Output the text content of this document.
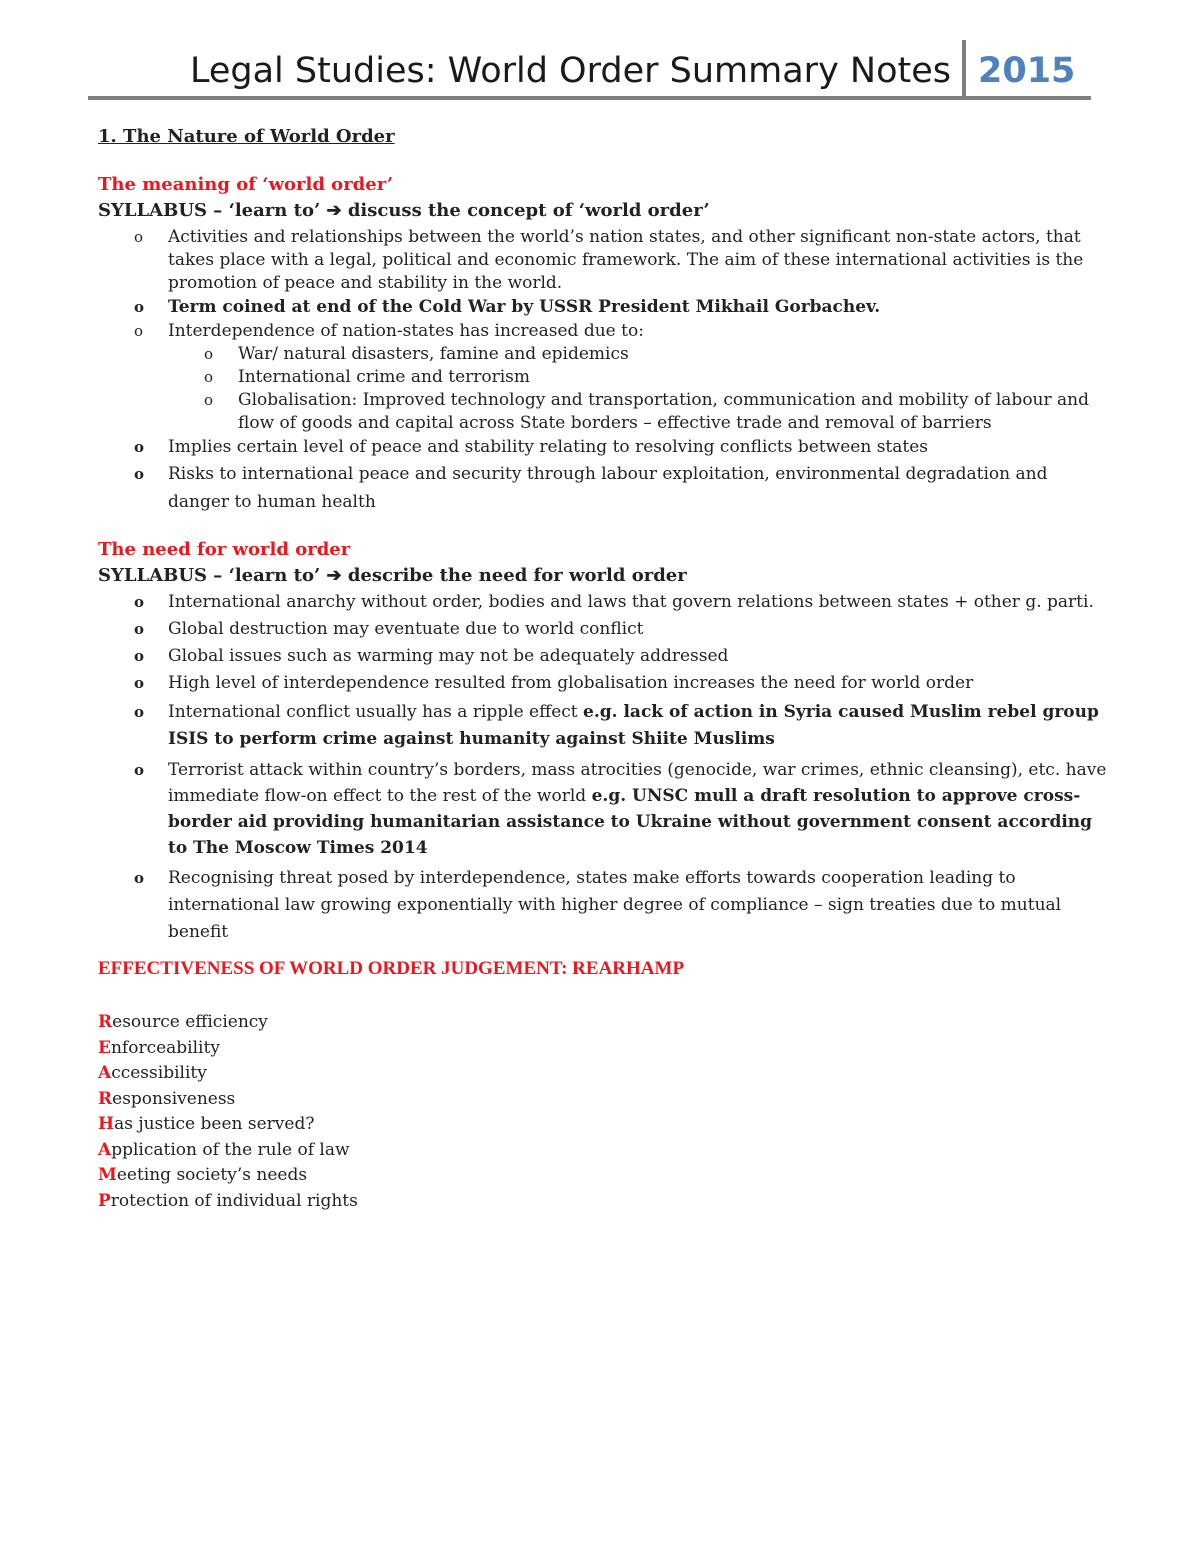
Legal Studies: World Order Summary Notes 2015
1. The Nature of World Order
The meaning of ‘world order’
SYLLABUS – ‘learn to’ ➔ discuss the concept of ‘world order’
o Activities and relationships between the world’s nation states, and other significant non-state actors, that takes place with a legal, political and economic framework. The aim of these international activities is the promotion of peace and stability in the world.
o Term coined at end of the Cold War by USSR President Mikhail Gorbachev.
o Interdependence of nation-states has increased due to:
o War/ natural disasters, famine and epidemics
o International crime and terrorism
o Globalisation: Improved technology and transportation, communication and mobility of labour and flow of goods and capital across State borders – effective trade and removal of barriers
o Implies certain level of peace and stability relating to resolving conflicts between states
o Risks to international peace and security through labour exploitation, environmental degradation and danger to human health
The need for world order
SYLLABUS – ‘learn to’ ➔ describe the need for world order
o International anarchy without order, bodies and laws that govern relations between states + other g. parti.
o Global destruction may eventuate due to world conflict
o Global issues such as warming may not be adequately addressed
o High level of interdependence resulted from globalisation increases the need for world order
o International conflict usually has a ripple effect e.g. lack of action in Syria caused Muslim rebel group ISIS to perform crime against humanity against Shiite Muslims
o Terrorist attack within country’s borders, mass atrocities (genocide, war crimes, ethnic cleansing), etc. have immediate flow-on effect to the rest of the world e.g. UNSC mull a draft resolution to approve cross-border aid providing humanitarian assistance to Ukraine without government consent according to The Moscow Times 2014
o Recognising threat posed by interdependence, states make efforts towards cooperation leading to international law growing exponentially with higher degree of compliance – sign treaties due to mutual benefit
EFFECTIVENESS OF WORLD ORDER JUDGEMENT: REARHAMP
Resource efficiency
Enforceability
Accessibility
Responsiveness
Has justice been served?
Application of the rule of law
Meeting society’s needs
Protection of individual rights
